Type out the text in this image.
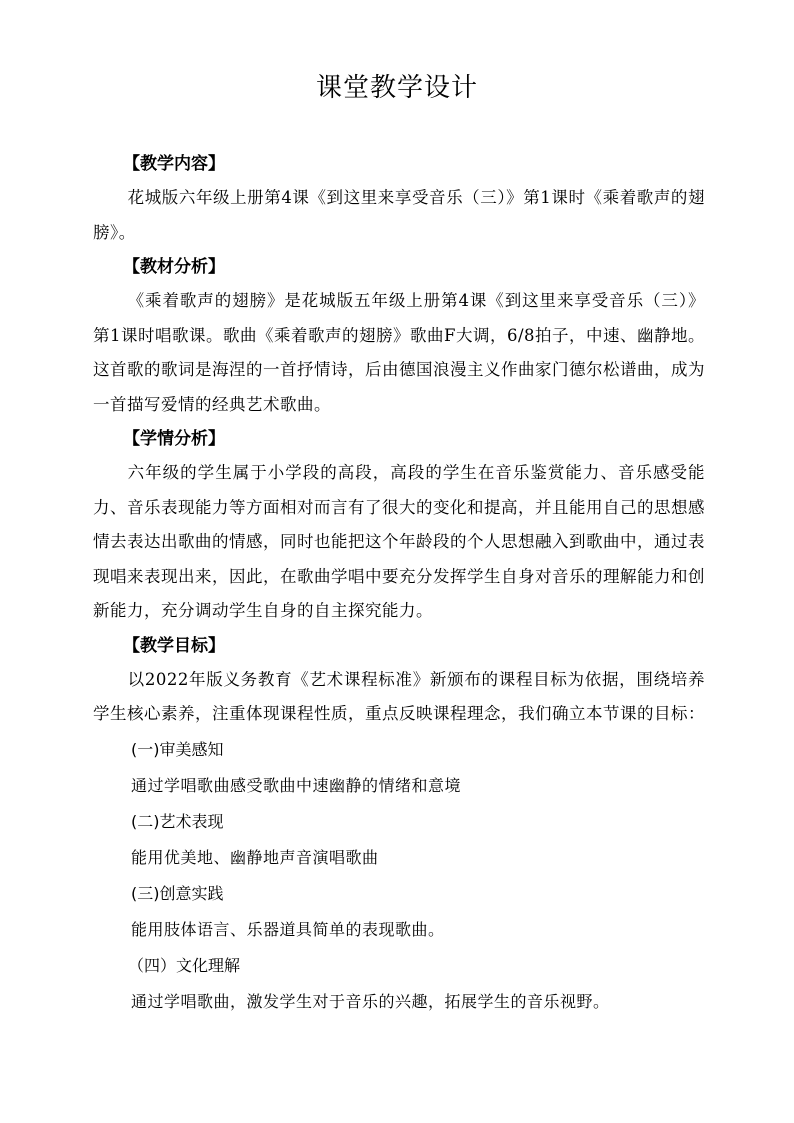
课堂教学设计
【教学内容】

花城版六年级上册第4课《到这里来享受音乐（三）》第1课时《乘着歌声的翅膀》。

【教材分析】

《乘着歌声的翅膀》是花城版五年级上册第4课《到这里来享受音乐（三）》第1课时唱歌课。歌曲《乘着歌声的翅膀》歌曲F大调，6/8拍子，中速、幽静地。这首歌的歌词是海涅的一首抒情诗，后由德国浪漫主义作曲家门德尔松谱曲，成为一首描写爱情的经典艺术歌曲。

【学情分析】

六年级的学生属于小学段的高段，高段的学生在音乐鉴赏能力、音乐感受能力、音乐表现能力等方面相对而言有了很大的变化和提高，并且能用自己的思想感情去表达出歌曲的情感，同时也能把这个年龄段的个人思想融入到歌曲中，通过表现唱来表现出来，因此，在歌曲学唱中要充分发挥学生自身对音乐的理解能力和创新能力，充分调动学生自身的自主探究能力。

【教学目标】

以2022年版义务教育《艺术课程标准》新颁布的课程目标为依据，围绕培养学生核心素养，注重体现课程性质，重点反映课程理念，我们确立本节课的目标：

(一)审美感知
通过学唱歌曲感受歌曲中速幽静的情绪和意境
(二)艺术表现
能用优美地、幽静地声音演唱歌曲
(三)创意实践
能用肢体语言、乐器道具简单的表现歌曲。
（四）文化理解
通过学唱歌曲，激发学生对于音乐的兴趣，拓展学生的音乐视野。
